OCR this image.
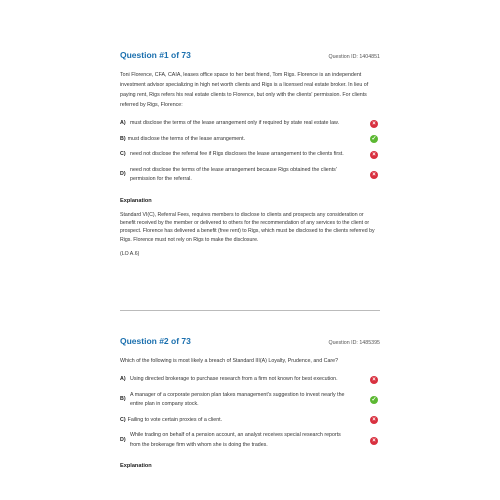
Question #1 of 73	Question ID: 1404851
Toni Florence, CFA, CAIA, leases office space to her best friend, Tom Rigs. Florence is an independent investment advisor specializing in high net worth clients and Rigs is a licensed real estate broker. In lieu of paying rent, Rigs refers his real estate clients to Florence, but only with the clients' permission. For clients referred by Rigs, Florence:
A) must disclose the terms of the lease arrangement only if required by state real estate law.	×
B) must disclose the terms of the lease arrangement.	✓
C) need not disclose the referral fee if Rigs discloses the lease arrangement to the clients first.	×
D)
need not disclose the terms of the lease arrangement because Rigs obtained the clients' permission for the referral.
×
Explanation
Standard VI(C), Referral Fees, requires members to disclose to clients and prospects any consideration or benefit received by the member or delivered to others for the recommendation of any services to the client or prospect. Florence has delivered a benefit (free rent) to Rigs, which must be disclosed to the clients referred by Rigs. Florence must not rely on Rigs to make the disclosure.
(LO A.6)
Question #2 of 73	Question ID: 1485395
Which of the following is most likely a breach of Standard III(A) Loyalty, Prudence, and Care?
A) Using directed brokerage to purchase research from a firm not known for best execution.	×
B)
A manager of a corporate pension plan takes management's suggestion to invest nearly the entire plan in company stock.
✓
C) Failing to vote certain proxies of a client.	×
D)
While trading on behalf of a pension account, an analyst receives special research reports from the brokerage firm with whom she is doing the trades.
×
Explanation
